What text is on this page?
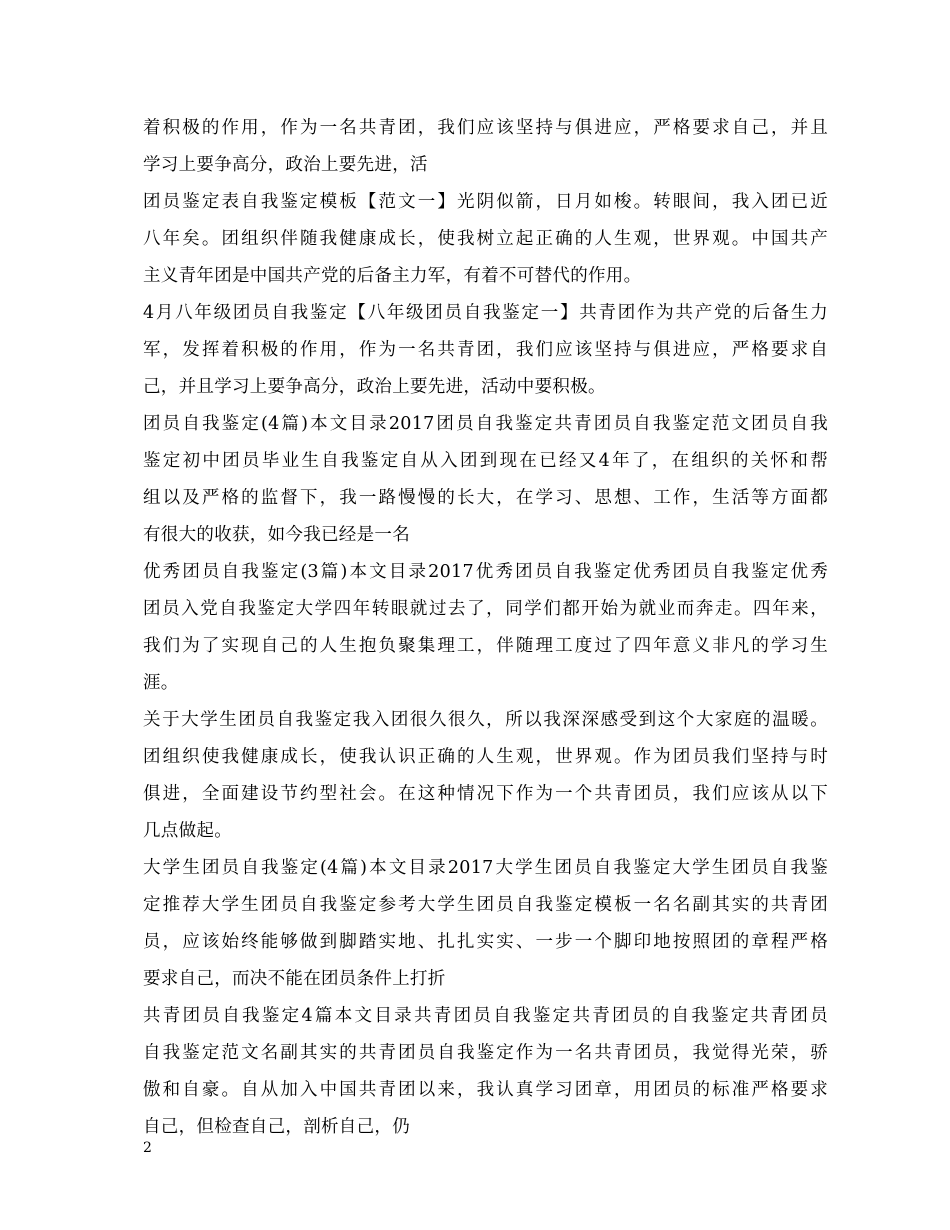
着积极的作用，作为一名共青团，我们应该坚持与俱进应，严格要求自己，并且
学习上要争高分，政治上要先进，活
团员鉴定表自我鉴定模板【范文一】光阴似箭，日月如梭。转眼间，我入团已近
八年矣。团组织伴随我健康成长，使我树立起正确的人生观，世界观。中国共产
主义青年团是中国共产党的后备主力军，有着不可替代的作用。
4月八年级团员自我鉴定【八年级团员自我鉴定一】共青团作为共产党的后备生力
军，发挥着积极的作用，作为一名共青团，我们应该坚持与俱进应，严格要求自
己，并且学习上要争高分，政治上要先进，活动中要积极。
团员自我鉴定(4篇)本文目录2017团员自我鉴定共青团员自我鉴定范文团员自我
鉴定初中团员毕业生自我鉴定自从入团到现在已经又4年了，在组织的关怀和帮
组以及严格的监督下，我一路慢慢的长大，在学习、思想、工作，生活等方面都
有很大的收获，如今我已经是一名
优秀团员自我鉴定(3篇)本文目录2017优秀团员自我鉴定优秀团员自我鉴定优秀
团员入党自我鉴定大学四年转眼就过去了，同学们都开始为就业而奔走。四年来，
我们为了实现自己的人生抱负聚集理工，伴随理工度过了四年意义非凡的学习生
涯。
关于大学生团员自我鉴定我入团很久很久，所以我深深感受到这个大家庭的温暖。
团组织使我健康成长，使我认识正确的人生观，世界观。作为团员我们坚持与时
俱进，全面建设节约型社会。在这种情况下作为一个共青团员，我们应该从以下
几点做起。
大学生团员自我鉴定(4篇)本文目录2017大学生团员自我鉴定大学生团员自我鉴
定推荐大学生团员自我鉴定参考大学生团员自我鉴定模板一名名副其实的共青团
员，应该始终能够做到脚踏实地、扎扎实实、一步一个脚印地按照团的章程严格
要求自己，而决不能在团员条件上打折
共青团员自我鉴定4篇本文目录共青团员自我鉴定共青团员的自我鉴定共青团员
自我鉴定范文名副其实的共青团员自我鉴定作为一名共青团员，我觉得光荣，骄
傲和自豪。自从加入中国共青团以来，我认真学习团章，用团员的标准严格要求
自己，但检查自己，剖析自己，仍
2
